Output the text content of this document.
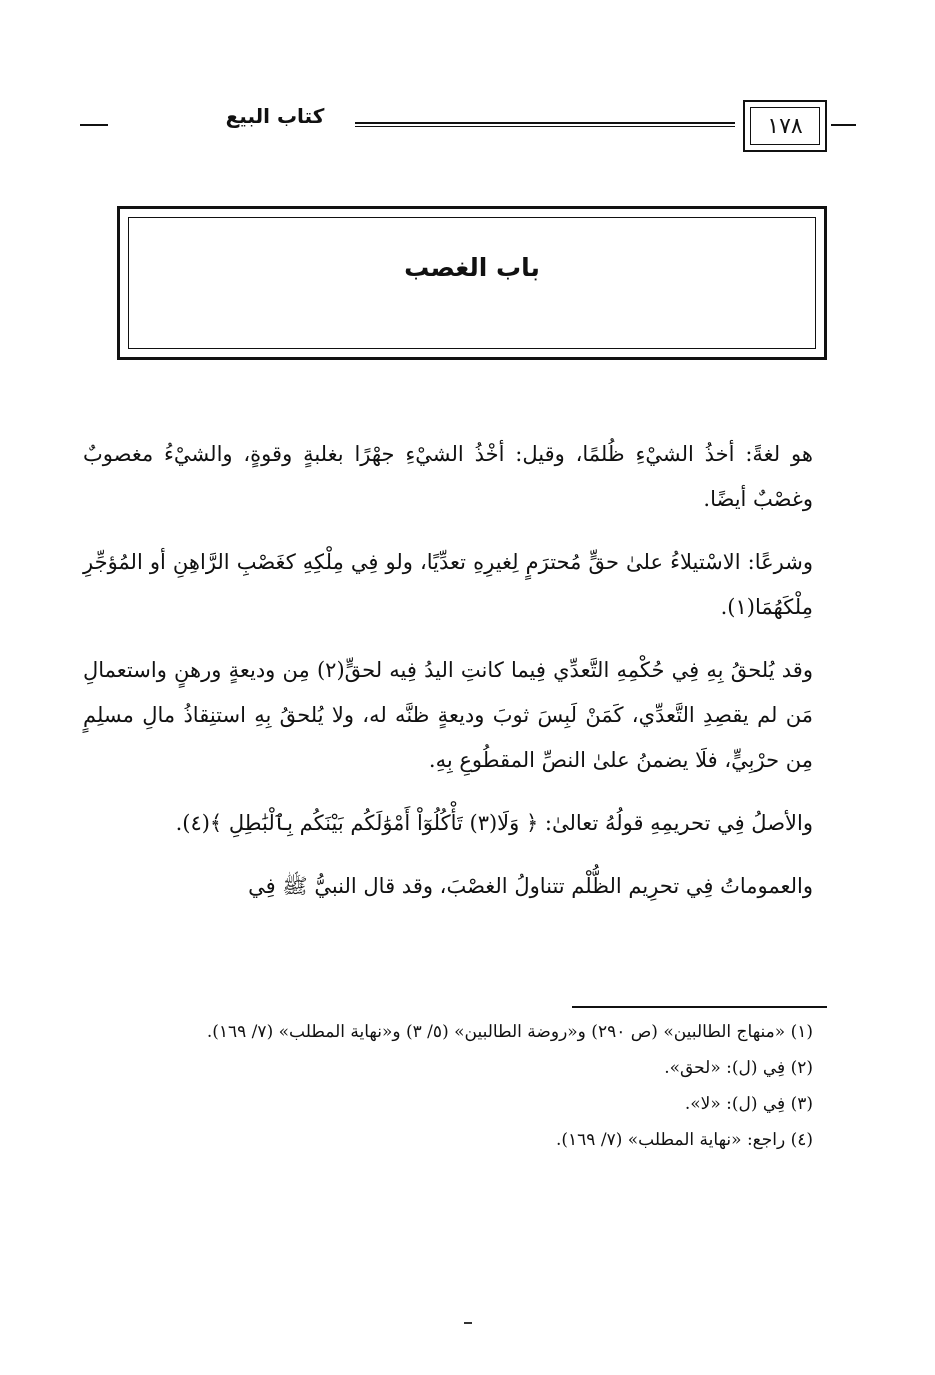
كتاب البيع	١٧٨
باب الغصب

هو لغةً: أخذُ الشيْءِ ظُلمًا، وقيل: أخْذُ الشيْءِ جهْرًا بغلبةٍ وقوةٍ، والشيْءُ مغصوبٌ وغصْبٌ أيضًا.

وشرعًا: الاسْتيلاءُ علىٰ حقٍّ مُحترَمٍ لِغيرِهِ تعدِّيًا، ولو فِي مِلْكِهِ كغَصْبِ الرَّاهِنِ أو المُؤجِّرِ مِلْكَهُمَا(١).

وقد يُلحقُ بِهِ فِي حُكْمِهِ التَّعدِّي فِيما كانتِ اليدُ فِيه لحقٍّ(٢) مِن وديعةٍ ورهنٍ واستعمالِ مَن لم يقصِدِ التَّعدِّي، كَمَنْ لَبِسَ ثوبَ وديعةٍ ظنَّه له، ولا يُلحقُ بِهِ استنِقاذُ مالِ مسلِمٍ مِن حرْبِيٍّ، فلَا يضمنُ علىٰ النصِّ المقطُوعِ بِهِ.

والأصلُ فِي تحريمِهِ قولُهُ تعالىٰ: ﴿ وَلَا(٣) تَأْكُلُوٓاْ أَمْوَٰلَكُم بَيْنَكُم بِٱلْبَٰطِلِ ﴾(٤).

والعموماتُ فِي تحرِيم الظُّلْم تتناولُ الغصْبَ، وقد قال النبيُّ ﷺ فِي

(١) «منهاج الطالبين» (ص ٢٩٠) و«روضة الطالبين» (٥/ ٣) و«نهاية المطلب» (٧/ ١٦٩).

(٢) فِي (ل): «لحق».

(٣) فِي (ل): «لا».

(٤) راجع: «نهاية المطلب» (٧/ ١٦٩).
